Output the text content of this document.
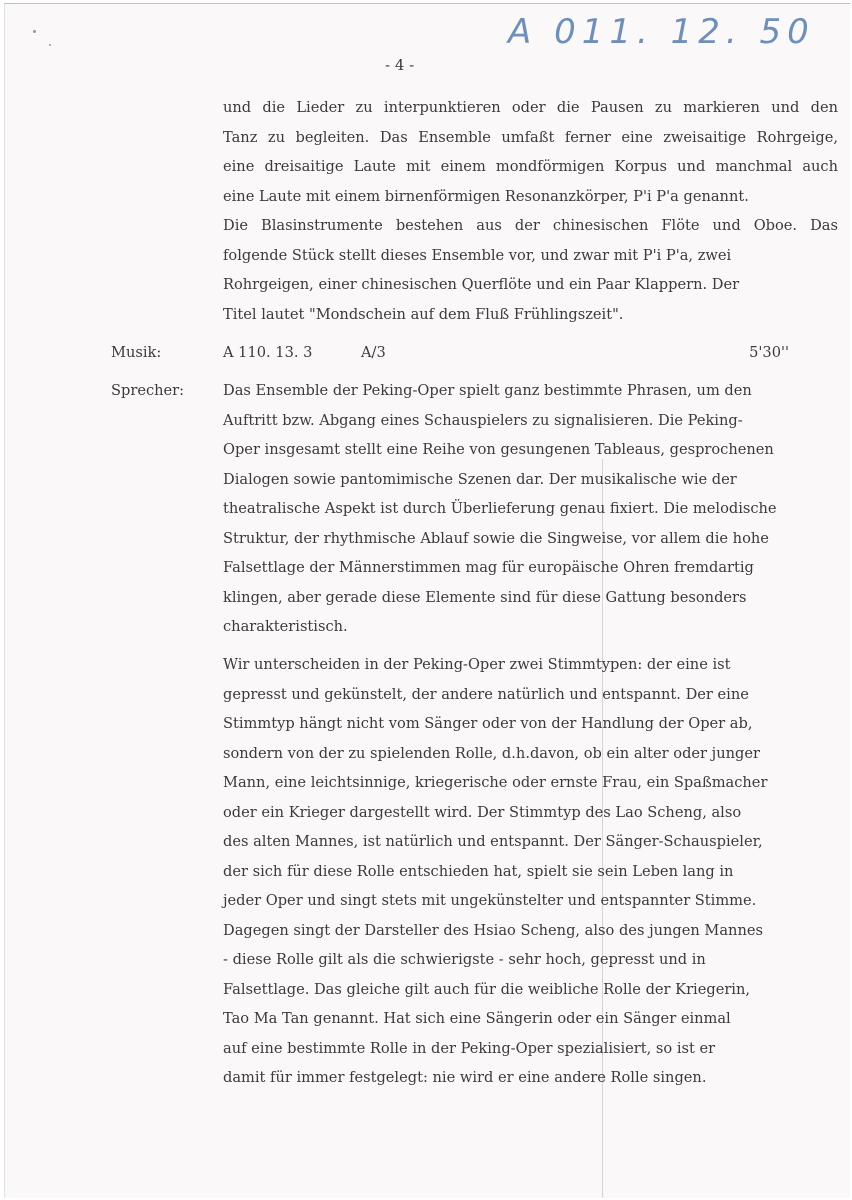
A 011. 12. 50
- 4 -
und die Lieder zu interpunktieren oder die Pausen zu markieren und den
Tanz zu begleiten. Das Ensemble umfaßt ferner eine zweisaitige Rohrgeige,
eine dreisaitige Laute mit einem mondförmigen Korpus und manchmal auch
eine Laute mit einem birnenförmigen Resonanzkörper, P'i P'a genannt.
Die Blasinstrumente bestehen aus der chinesischen Flöte und Oboe. Das
folgende Stück stellt dieses Ensemble vor, und zwar mit P'i P'a, zwei
Rohrgeigen, einer chinesischen Querflöte und ein Paar Klappern. Der
Titel lautet "Mondschein auf dem Fluß Frühlingszeit".
Musik:	A 110. 13. 3	A/3	5'30''
Sprecher:	Das Ensemble der Peking-Oper spielt ganz bestimmte Phrasen, um den
Auftritt bzw. Abgang eines Schauspielers zu signalisieren. Die Peking-
Oper insgesamt stellt eine Reihe von gesungenen Tableaus, gesprochenen
Dialogen sowie pantomimische Szenen dar. Der musikalische wie der
theatralische Aspekt ist durch Überlieferung genau fixiert. Die melodische
Struktur, der rhythmische Ablauf sowie die Singweise, vor allem die hohe
Falsettlage der Männerstimmen mag für europäische Ohren fremdartig
klingen, aber gerade diese Elemente sind für diese Gattung besonders
charakteristisch.
Wir unterscheiden in der Peking-Oper zwei Stimmtypen: der eine ist
gepresst und gekünstelt, der andere natürlich und entspannt. Der eine
Stimmtyp hängt nicht vom Sänger oder von der Handlung der Oper ab,
sondern von der zu spielenden Rolle, d.h.davon, ob ein alter oder junger
Mann, eine leichtsinnige, kriegerische oder ernste Frau, ein Spaßmacher
oder ein Krieger dargestellt wird. Der Stimmtyp des Lao Scheng, also
des alten Mannes, ist natürlich und entspannt. Der Sänger-Schauspieler,
der sich für diese Rolle entschieden hat, spielt sie sein Leben lang in
jeder Oper und singt stets mit ungekünstelter und entspannter Stimme.
Dagegen singt der Darsteller des Hsiao Scheng, also des jungen Mannes
- diese Rolle gilt als die schwierigste - sehr hoch, gepresst und in
Falsettlage. Das gleiche gilt auch für die weibliche Rolle der Kriegerin,
Tao Ma Tan genannt. Hat sich eine Sängerin oder ein Sänger einmal
auf eine bestimmte Rolle in der Peking-Oper spezialisiert, so ist er
damit für immer festgelegt: nie wird er eine andere Rolle singen.
